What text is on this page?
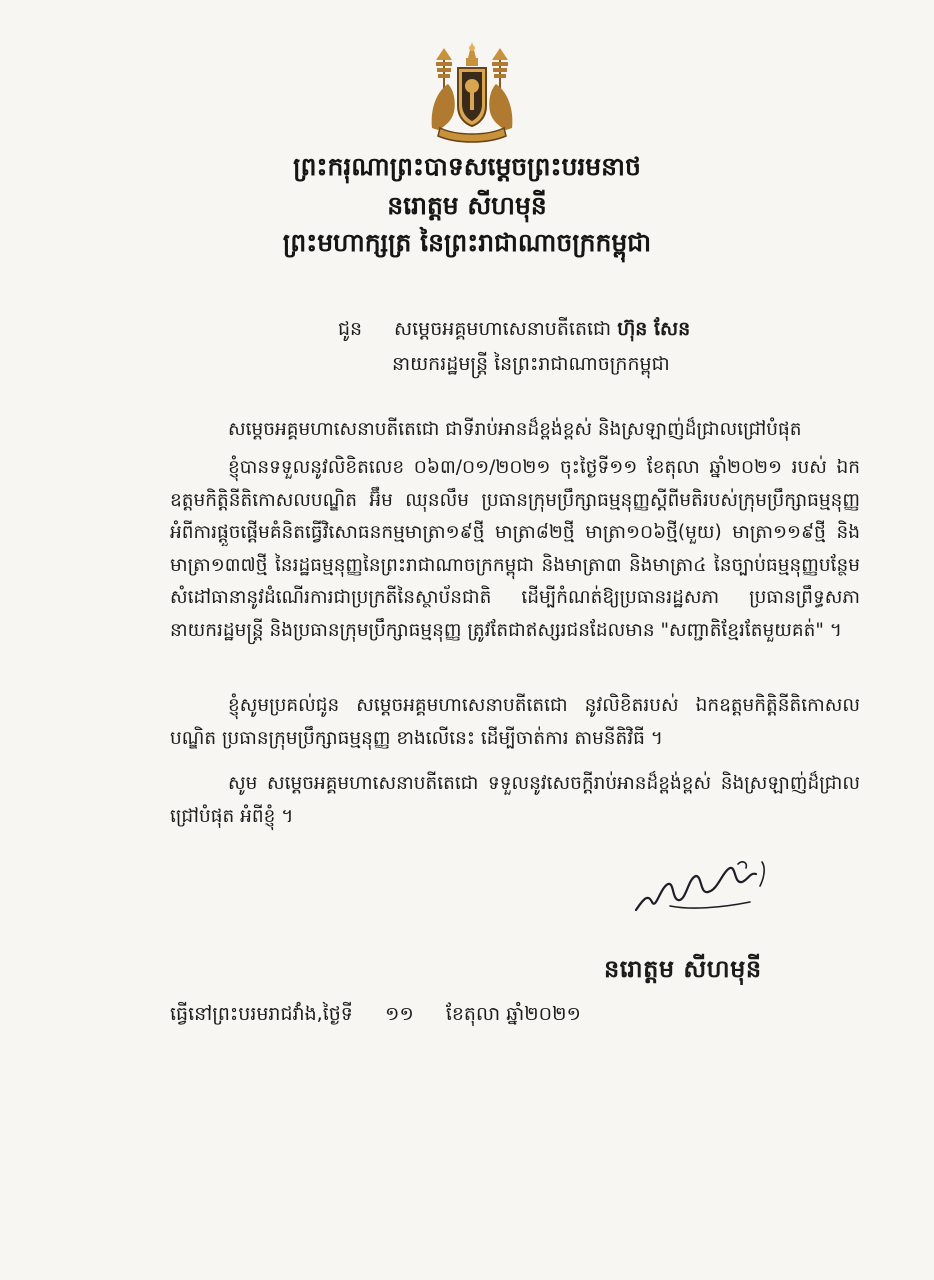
ព្រះករុណាព្រះបាទសម្តេចព្រះបរមនាថ
នរោត្តម សីហមុនី
ព្រះមហាក្សត្រ នៃព្រះរាជាណាចក្រកម្ពុជា
ជូន សម្តេចអគ្គមហាសេនាបតីតេជោ ហ៊ុន សែន
នាយករដ្ឋមន្ត្រី នៃព្រះរាជាណាចក្រកម្ពុជា
សម្តេចអគ្គមហាសេនាបតីតេជោ ជាទីរាប់អានដ៏ខ្ពង់ខ្ពស់ និងស្រឡាញ់ដ៏ជ្រាលជ្រៅបំផុត
ខ្ញុំបានទទួលនូវលិខិតលេខ ០៦៣/០១/២០២១ ចុះថ្ងៃទី១១ ខែតុលា ឆ្នាំ២០២១ របស់ ឯកឧត្តមកិត្តិនីតិកោសលបណ្ឌិត អ៊ឹម ឈុនលឹម ប្រធានក្រុមប្រឹក្សាធម្មនុញ្ញស្តីពីមតិរបស់ក្រុមប្រឹក្សាធម្មនុញ្ញ អំពីការផ្តួចផ្តើមគំនិតធ្វើវិសោធនកម្មមាត្រា១៩ថ្មី មាត្រា៨២ថ្មី មាត្រា១០៦ថ្មី(មួយ) មាត្រា១១៩ថ្មី និងមាត្រា១៣៧ថ្មី នៃរដ្ឋធម្មនុញ្ញនៃព្រះរាជាណាចក្រកម្ពុជា និងមាត្រា៣ និងមាត្រា៤ នៃច្បាប់ធម្មនុញ្ញបន្ថែមសំដៅធានានូវដំណើរការជាប្រក្រតីនៃស្ថាប័នជាតិ ដើម្បីកំណត់ឱ្យប្រធានរដ្ឋសភា ប្រធានព្រឹទ្ធសភា នាយករដ្ឋមន្ត្រី និងប្រធានក្រុមប្រឹក្សាធម្មនុញ្ញ ត្រូវតែជាឥស្សរជនដែលមាន "សញ្ជាតិខ្មែរតែមួយគត់" ។
ខ្ញុំសូមប្រគល់ជូន សម្តេចអគ្គមហាសេនាបតីតេជោ នូវលិខិតរបស់ ឯកឧត្តមកិត្តិនីតិកោសលបណ្ឌិត ប្រធានក្រុមប្រឹក្សាធម្មនុញ្ញ ខាងលើនេះ ដើម្បីចាត់ការ តាមនីតិវិធី ។
សូម សម្តេចអគ្គមហាសេនាបតីតេជោ ទទួលនូវសេចក្តីរាប់អានដ៏ខ្ពង់ខ្ពស់ និងស្រឡាញ់ដ៏ជ្រាលជ្រៅបំផុត អំពីខ្ញុំ ។
នរោត្តម សីហមុនី
ធ្វើនៅព្រះបរមរាជវាំង,ថ្ងៃទី ១១ ខែតុលា ឆ្នាំ២០២១
